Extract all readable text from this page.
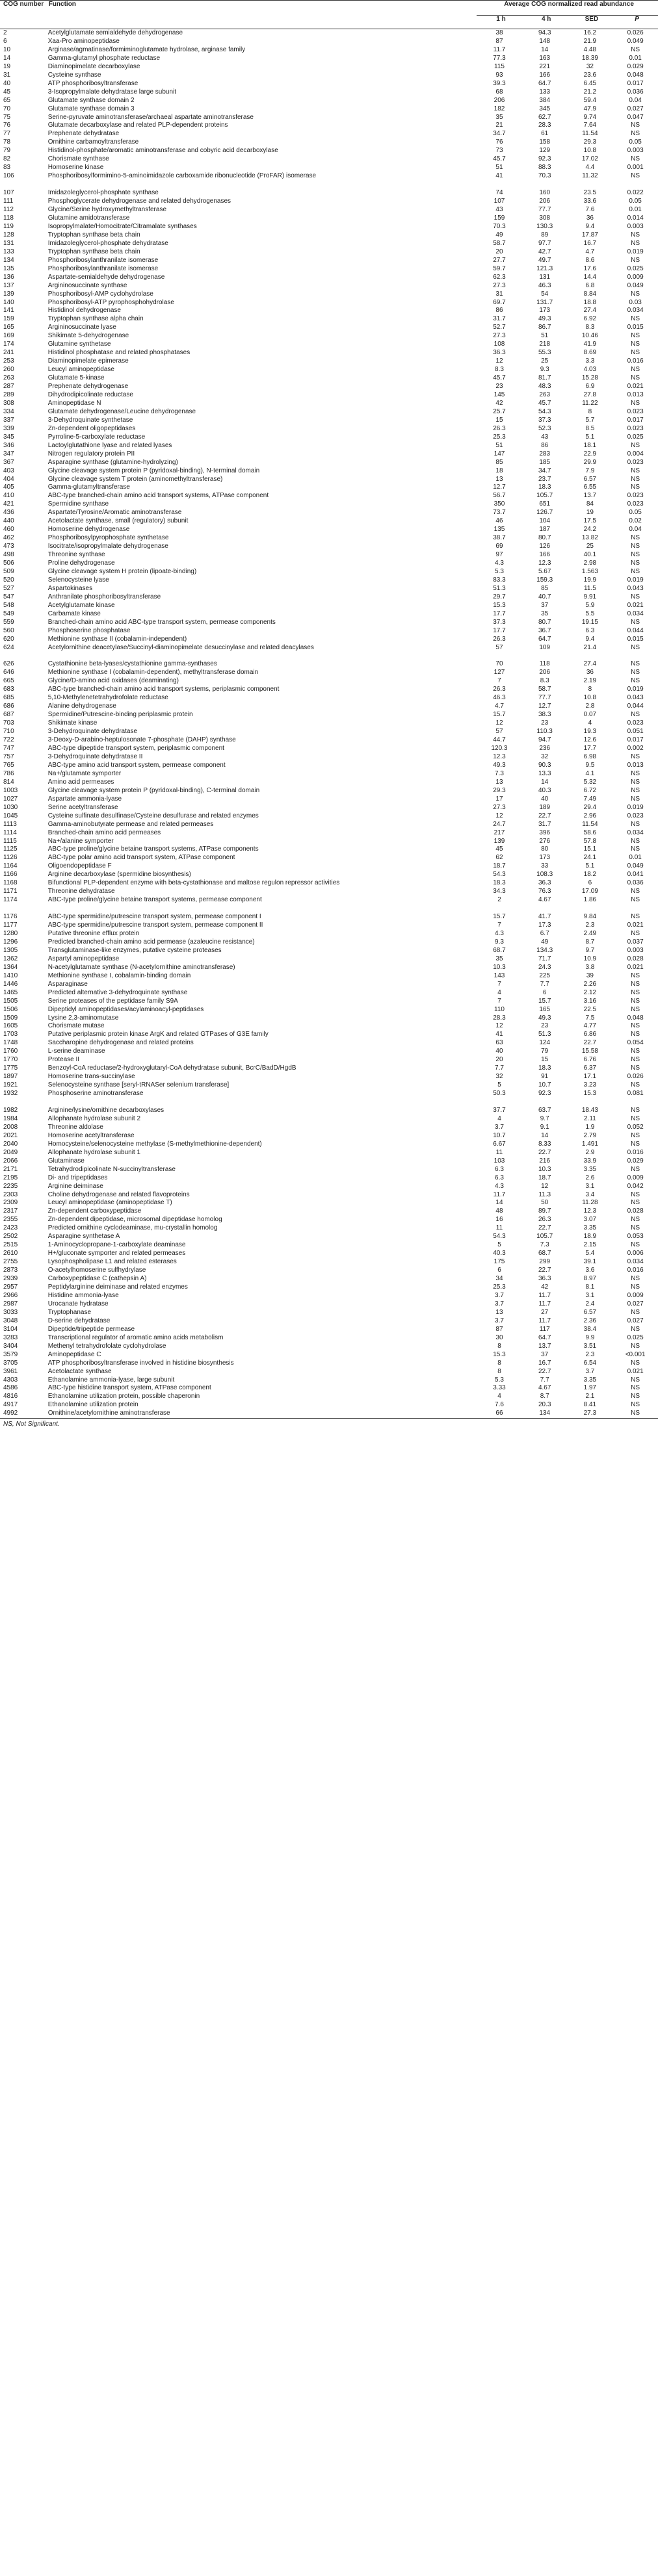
COG number	Function	Average COG normalized read abundance			
		1 h	4 h	SED	P
2	Acetylglutamate semialdehyde dehydrogenase	38	94.3	16.2	0.026
6	Xaa-Pro aminopeptidase	87	148	21.9	0.049
10	Arginase/agmatinase/formiminoglutamate hydrolase, arginase family	11.7	14	4.48	NS
14	Gamma-glutamyl phosphate reductase	77.3	163	18.39	0.01
19	Diaminopimelate decarboxylase	115	221	32	0.029
31	Cysteine synthase	93	166	23.6	0.048
40	ATP phosphoribosyltransferase	39.3	64.7	6.45	0.017
45	3-Isopropylmalate dehydratase large subunit	68	133	21.2	0.036
65	Glutamate synthase domain 2	206	384	59.4	0.04
70	Glutamate synthase domain 3	182	345	47.9	0.027
75	Serine-pyruvate aminotransferase/archaeal aspartate aminotransferase	35	62.7	9.74	0.047
76	Glutamate decarboxylase and related PLP-dependent proteins	21	28.3	7.64	NS
77	Prephenate dehydratase	34.7	61	11.54	NS
78	Ornithine carbamoyltransferase	76	158	29.3	0.05
79	Histidinol-phosphate/aromatic aminotransferase and cobyric acid decarboxylase	73	129	10.8	0.003
82	Chorismate synthase	45.7	92.3	17.02	NS
83	Homoserine kinase	51	88.3	4.4	0.001
106	Phosphoribosylformimino-5-aminoimidazole carboxamide ribonucleotide (ProFAR) isomerase	41	70.3	11.32	NS
107	Imidazoleglycerol-phosphate synthase	74	160	23.5	0.022
111	Phosphoglycerate dehydrogenase and related dehydrogenases	107	206	33.6	0.05
112	Glycine/Serine hydroxymethyltransferase	43	77.7	7.6	0.01
118	Glutamine amidotransferase	159	308	36	0.014
119	Isopropylmalate/Homocitrate/Citramalate synthases	70.3	130.3	9.4	0.003
128	Tryptophan synthase beta chain	49	89	17.87	NS
131	Imidazoleglycerol-phosphate dehydratase	58.7	97.7	16.7	NS
133	Tryptophan synthase beta chain	20	42.7	4.7	0.019
134	Phosphoribosylanthranilate isomerase	27.7	49.7	8.6	NS
135	Phosphoribosylanthranilate isomerase	59.7	121.3	17.6	0.025
136	Aspartate-semialdehyde dehydrogenase	62.3	131	14.4	0.009
137	Argininosuccinate synthase	27.3	46.3	6.8	0.049
139	Phosphoribosyl-AMP cyclohydrolase	31	54	8.84	NS
140	Phosphoribosyl-ATP pyrophosphohydrolase	69.7	131.7	18.8	0.03
141	Histidinol dehydrogenase	86	173	27.4	0.034
159	Tryptophan synthase alpha chain	31.7	49.3	6.92	NS
165	Argininosuccinate lyase	52.7	86.7	8.3	0.015
169	Shikimate 5-dehydrogenase	27.3	51	10.46	NS
174	Glutamine synthetase	108	218	41.9	NS
241	Histidinol phosphatase and related phosphatases	36.3	55.3	8.69	NS
253	Diaminopimelate epimerase	12	25	3.3	0.016
260	Leucyl aminopeptidase	8.3	9.3	4.03	NS
263	Glutamate 5-kinase	45.7	81.7	15.28	NS
287	Prephenate dehydrogenase	23	48.3	6.9	0.021
289	Dihydrodipicolinate reductase	145	263	27.8	0.013
308	Aminopeptidase N	42	45.7	11.22	NS
334	Glutamate dehydrogenase/Leucine dehydrogenase	25.7	54.3	8	0.023
337	3-Dehydroquinate synthetase	15	37.3	5.7	0.017
339	Zn-dependent oligopeptidases	26.3	52.3	8.5	0.023
345	Pyrroline-5-carboxylate reductase	25.3	43	5.1	0.025
346	Lactoylglutathione lyase and related lyases	51	86	18.1	NS
347	Nitrogen regulatory protein PII	147	283	22.9	0.004
367	Asparagine synthase (glutamine-hydrolyzing)	85	185	29.9	0.023
403	Glycine cleavage system protein P (pyridoxal-binding), N-terminal domain	18	34.7	7.9	NS
404	Glycine cleavage system T protein (aminomethyltransferase)	13	23.7	6.57	NS
405	Gamma-glutamyltransferase	12.7	18.3	6.55	NS
410	ABC-type branched-chain amino acid transport systems, ATPase component	56.7	105.7	13.7	0.023
421	Spermidine synthase	350	651	84	0.023
436	Aspartate/Tyrosine/Aromatic aminotransferase	73.7	126.7	19	0.05
440	Acetolactate synthase, small (regulatory) subunit	46	104	17.5	0.02
460	Homoserine dehydrogenase	135	187	24.2	0.04
462	Phosphoribosylpyrophosphate synthetase	38.7	80.7	13.82	NS
473	Isocitrate/isopropylmalate dehydrogenase	69	126	25	NS
498	Threonine synthase	97	166	40.1	NS
506	Proline dehydrogenase	4.3	12.3	2.98	NS
509	Glycine cleavage system H protein (lipoate-binding)	5.3	5.67	1.563	NS
520	Selenocysteine lyase	83.3	159.3	19.9	0.019
527	Aspartokinases	51.3	85	11.5	0.043
547	Anthranilate phosphoribosyltransferase	29.7	40.7	9.91	NS
548	Acetylglutamate kinase	15.3	37	5.9	0.021
549	Carbamate kinase	17.7	35	5.5	0.034
559	Branched-chain amino acid ABC-type transport system, permease components	37.3	80.7	19.15	NS
560	Phosphoserine phosphatase	17.7	36.7	6.3	0.044
620	Methionine synthase II (cobalamin-independent)	26.3	64.7	9.4	0.015
624	Acetylornithine deacetylase/Succinyl-diaminopimelate desuccinylase and related deacylases	57	109	21.4	NS
626	Cystathionine beta-lyases/cystathionine gamma-synthases	70	118	27.4	NS
646	Methionine synthase I (cobalamin-dependent), methyltransferase domain	127	206	36	NS
665	Glycine/D-amino acid oxidases (deaminating)	7	8.3	2.19	NS
683	ABC-type branched-chain amino acid transport systems, periplasmic component	26.3	58.7	8	0.019
685	5,10-Methylenetetrahydrofolate reductase	46.3	77.7	10.8	0.043
686	Alanine dehydrogenase	4.7	12.7	2.8	0.044
687	Spermidine/Putrescine-binding periplasmic protein	15.7	38.3	0.07	NS
703	Shikimate kinase	12	23	4	0.023
710	3-Dehydroquinate dehydratase	57	110.3	19.3	0.051
722	3-Deoxy-D-arabino-heptulosonate 7-phosphate (DAHP) synthase	44.7	94.7	12.6	0.017
747	ABC-type dipeptide transport system, periplasmic component	120.3	236	17.7	0.002
757	3-Dehydroquinate dehydratase II	12.3	32	6.98	NS
765	ABC-type amino acid transport system, permease component	49.3	90.3	9.5	0.013
786	Na+/glutamate symporter	7.3	13.3	4.1	NS
814	Amino acid permeases	13	14	5.32	NS
1003	Glycine cleavage system protein P (pyridoxal-binding), C-terminal domain	29.3	40.3	6.72	NS
1027	Aspartate ammonia-lyase	17	40	7.49	NS
1030	Serine acetyltransferase	27.3	189	29.4	0.019
1045	Cysteine sulfinate desulfinase/Cysteine desulfurase and related enzymes	12	22.7	2.96	0.023
1113	Gamma-aminobutyrate permease and related permeases	24.7	31.7	11.54	NS
1114	Branched-chain amino acid permeases	217	396	58.6	0.034
1115	Na+/alanine symporter	139	276	57.8	NS
1125	ABC-type proline/glycine betaine transport systems, ATPase components	45	80	15.1	NS
1126	ABC-type polar amino acid transport system, ATPase component	62	173	24.1	0.01
1164	Oligoendopeptidase F	18.7	33	5.1	0.049
1166	Arginine decarboxylase (spermidine biosynthesis)	54.3	108.3	18.2	0.041
1168	Bifunctional PLP-dependent enzyme with beta-cystathionase and maltose regulon repressor activities	18.3	36.3	6	0.036
1171	Threonine dehydratase	34.3	76.3	17.09	NS
1174	ABC-type proline/glycine betaine transport systems, permease component	2	4.67	1.86	NS
1176	ABC-type spermidine/putrescine transport system, permease component I	15.7	41.7	9.84	NS
1177	ABC-type spermidine/putrescine transport system, permease component II	7	17.3	2.3	0.021
1280	Putative threonine efflux protein	4.3	6.7	2.49	NS
1296	Predicted branched-chain amino acid permease (azaleucine resistance)	9.3	49	8.7	0.037
1305	Transglutaminase-like enzymes, putative cysteine proteases	68.7	134.3	9.7	0.003
1362	Aspartyl aminopeptidase	35	71.7	10.9	0.028
1364	N-acetylglutamate synthase (N-acetylornithine aminotransferase)	10.3	24.3	3.8	0.021
1410	Methionine synthase I, cobalamin-binding domain	143	225	39	NS
1446	Asparaginase	7	7.7	2.26	NS
1465	Predicted alternative 3-dehydroquinate synthase	4	6	2.12	NS
1505	Serine proteases of the peptidase family S9A	7	15.7	3.16	NS
1506	Dipeptidyl aminopeptidases/acylaminoacyl-peptidases	110	165	22.5	NS
1509	Lysine 2,3-aminomutase	28.3	49.3	7.5	0.048
1605	Chorismate mutase	12	23	4.77	NS
1703	Putative periplasmic protein kinase ArgK and related GTPases of G3E family	41	51.3	6.86	NS
1748	Saccharopine dehydrogenase and related proteins	63	124	22.7	0.054
1760	L-serine deaminase	40	79	15.58	NS
1770	Protease II	20	15	6.76	NS
1775	Benzoyl-CoA reductase/2-hydroxyglutaryl-CoA dehydratase subunit, BcrC/BadD/HgdB	7.7	18.3	6.37	NS
1897	Homoserine trans-succinylase	32	91	17.1	0.026
1921	Selenocysteine synthase [seryl-tRNASer selenium transferase]	5	10.7	3.23	NS
1932	Phosphoserine aminotransferase	50.3	92.3	15.3	0.081
1982	Arginine/lysine/ornithine decarboxylases	37.7	63.7	18.43	NS
1984	Allophanate hydrolase subunit 2	4	9.7	2.11	NS
2008	Threonine aldolase	3.7	9.1	1.9	0.052
2021	Homoserine acetyltransferase	10.7	14	2.79	NS
2040	Homocysteine/selenocysteine methylase (S-methylmethionine-dependent)	6.67	8.33	1.491	NS
2049	Allophanate hydrolase subunit 1	11	22.7	2.9	0.016
2066	Glutaminase	103	216	33.9	0.029
2171	Tetrahydrodipicolinate N-succinyltransferase	6.3	10.3	3.35	NS
2195	Di- and tripeptidases	6.3	18.7	2.6	0.009
2235	Arginine deiminase	4.3	12	3.1	0.042
2303	Choline dehydrogenase and related flavoproteins	11.7	11.3	3.4	NS
2309	Leucyl aminopeptidase (aminopeptidase T)	14	50	11.28	NS
2317	Zn-dependent carboxypeptidase	48	89.7	12.3	0.028
2355	Zn-dependent dipeptidase, microsomal dipeptidase homolog	16	26.3	3.07	NS
2423	Predicted ornithine cyclodeaminase, mu-crystallin homolog	11	22.7	3.35	NS
2502	Asparagine synthetase A	54.3	105.7	18.9	0.053
2515	1-Aminocyclopropane-1-carboxylate deaminase	5	7.3	2.15	NS
2610	H+/gluconate symporter and related permeases	40.3	68.7	5.4	0.006
2755	Lysophospholipase L1 and related esterases	175	299	39.1	0.034
2873	O-acetylhomoserine sulfhydrylase	6	22.7	3.6	0.016
2939	Carboxypeptidase C (cathepsin A)	34	36.3	8.97	NS
2957	Peptidylarginine deiminase and related enzymes	25.3	42	8.1	NS
2966	Histidine ammonia-lyase	3.7	11.7	3.1	0.009
2987	Urocanate hydratase	3.7	11.7	2.4	0.027
3033	Tryptophanase	13	27	6.57	NS
3048	D-serine dehydratase	3.7	11.7	2.36	0.027
3104	Dipeptide/tripeptide permease	87	117	38.4	NS
3283	Transcriptional regulator of aromatic amino acids metabolism	30	64.7	9.9	0.025
3404	Methenyl tetrahydrofolate cyclohydrolase	8	13.7	3.51	NS
3579	Aminopeptidase C	15.3	37	2.3	<0.001
3705	ATP phosphoribosyltransferase involved in histidine biosynthesis	8	16.7	6.54	NS
3961	Acetolactate synthase	8	22.7	3.7	0.021
4303	Ethanolamine ammonia-lyase, large subunit	5.3	7.7	3.35	NS
4586	ABC-type histidine transport system, ATPase component	3.33	4.67	1.97	NS
4816	Ethanolamine utilization protein, possible chaperonin	4	8.7	2.1	NS
4917	Ethanolamine utilization protein	7.6	20.3	8.41	NS
4992	Ornithine/acetylornithine aminotransferase	66	134	27.3	NS
NS, Not Significant.
